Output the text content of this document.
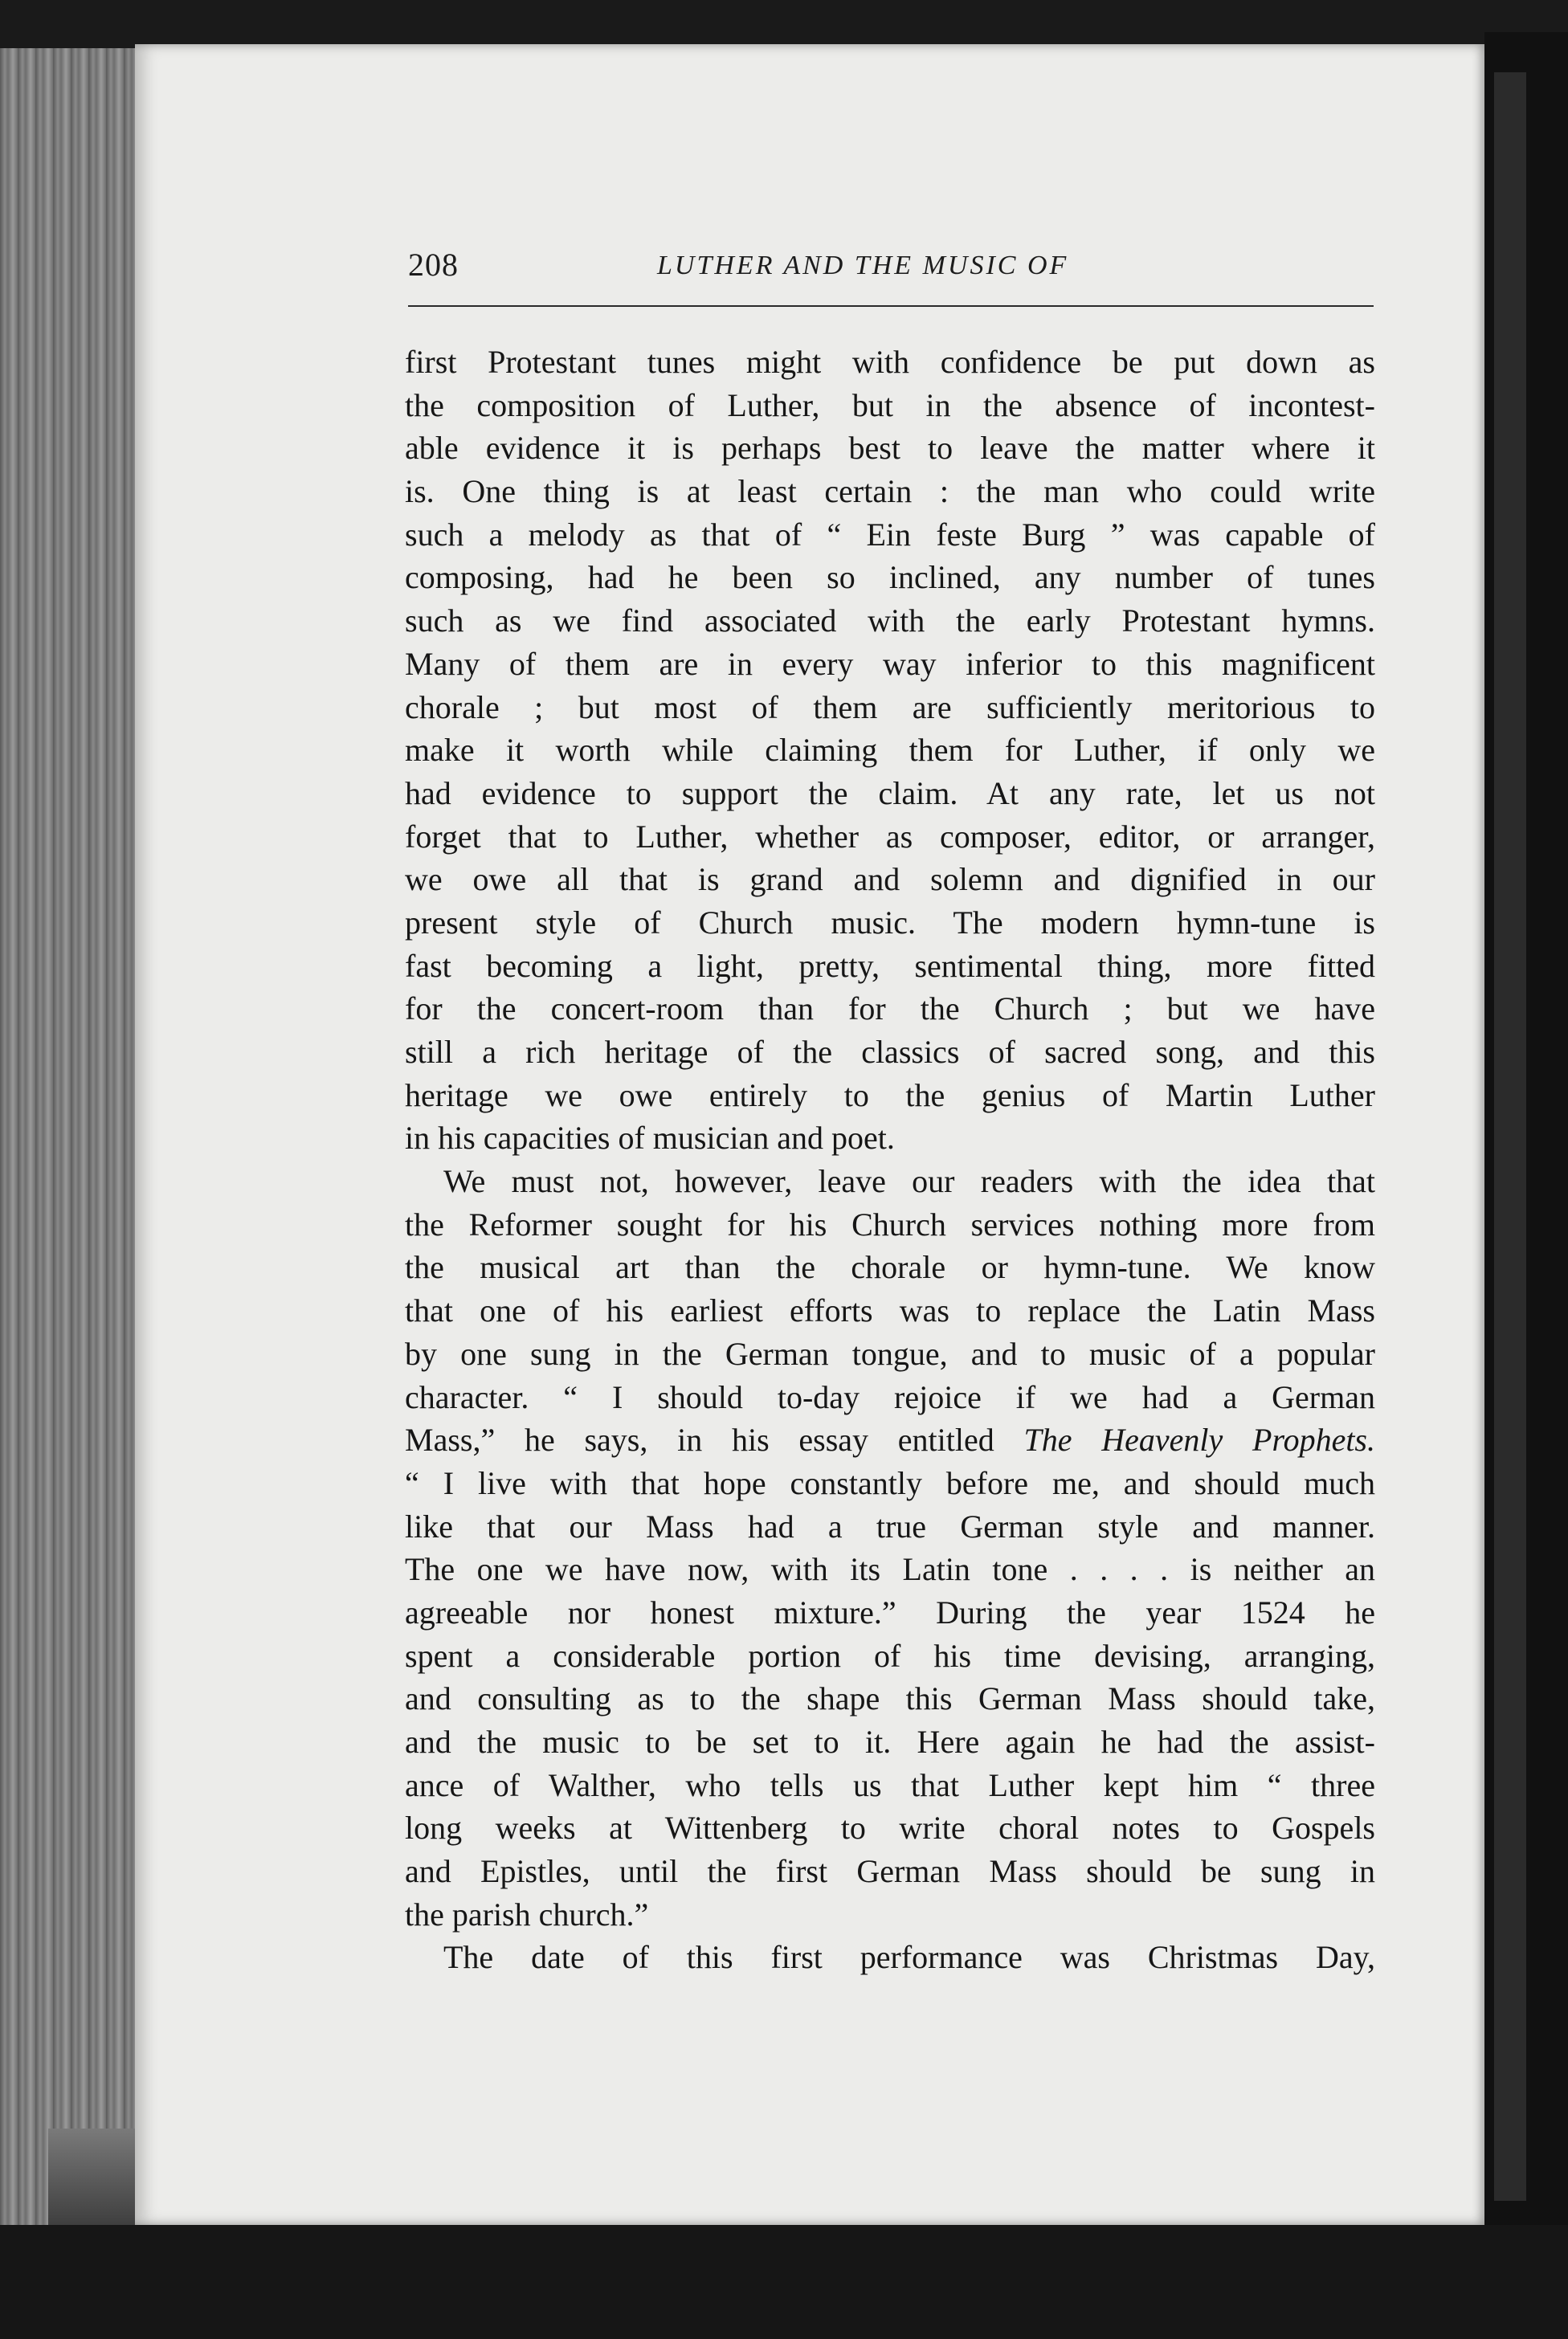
208	LUTHER AND THE MUSIC OF
first Protestant tunes might with confidence be put down as
the composition of Luther, but in the absence of incontest-
able evidence it is perhaps best to leave the matter where it
is. One thing is at least certain : the man who could write
such a melody as that of “ Ein feste Burg ” was capable of
composing, had he been so inclined, any number of tunes
such as we find associated with the early Protestant hymns.
Many of them are in every way inferior to this magnificent
chorale ; but most of them are sufficiently meritorious to
make it worth while claiming them for Luther, if only we
had evidence to support the claim. At any rate, let us not
forget that to Luther, whether as composer, editor, or arranger,
we owe all that is grand and solemn and dignified in our
present style of Church music. The modern hymn-tune is
fast becoming a light, pretty, sentimental thing, more fitted
for the concert-room than for the Church ; but we have
still a rich heritage of the classics of sacred song, and this
heritage we owe entirely to the genius of Martin Luther
in his capacities of musician and poet.
We must not, however, leave our readers with the idea that
the Reformer sought for his Church services nothing more from
the musical art than the chorale or hymn-tune. We know
that one of his earliest efforts was to replace the Latin Mass
by one sung in the German tongue, and to music of a popular
character. “ I should to-day rejoice if we had a German
Mass,” he says, in his essay entitled The Heavenly Prophets.
“ I live with that hope constantly before me, and should much
like that our Mass had a true German style and manner.
The one we have now, with its Latin tone . . . . is neither an
agreeable nor honest mixture.” During the year 1524 he
spent a considerable portion of his time devising, arranging,
and consulting as to the shape this German Mass should take,
and the music to be set to it. Here again he had the assist-
ance of Walther, who tells us that Luther kept him “ three
long weeks at Wittenberg to write choral notes to Gospels
and Epistles, until the first German Mass should be sung in
the parish church.”
The date of this first performance was Christmas Day,
